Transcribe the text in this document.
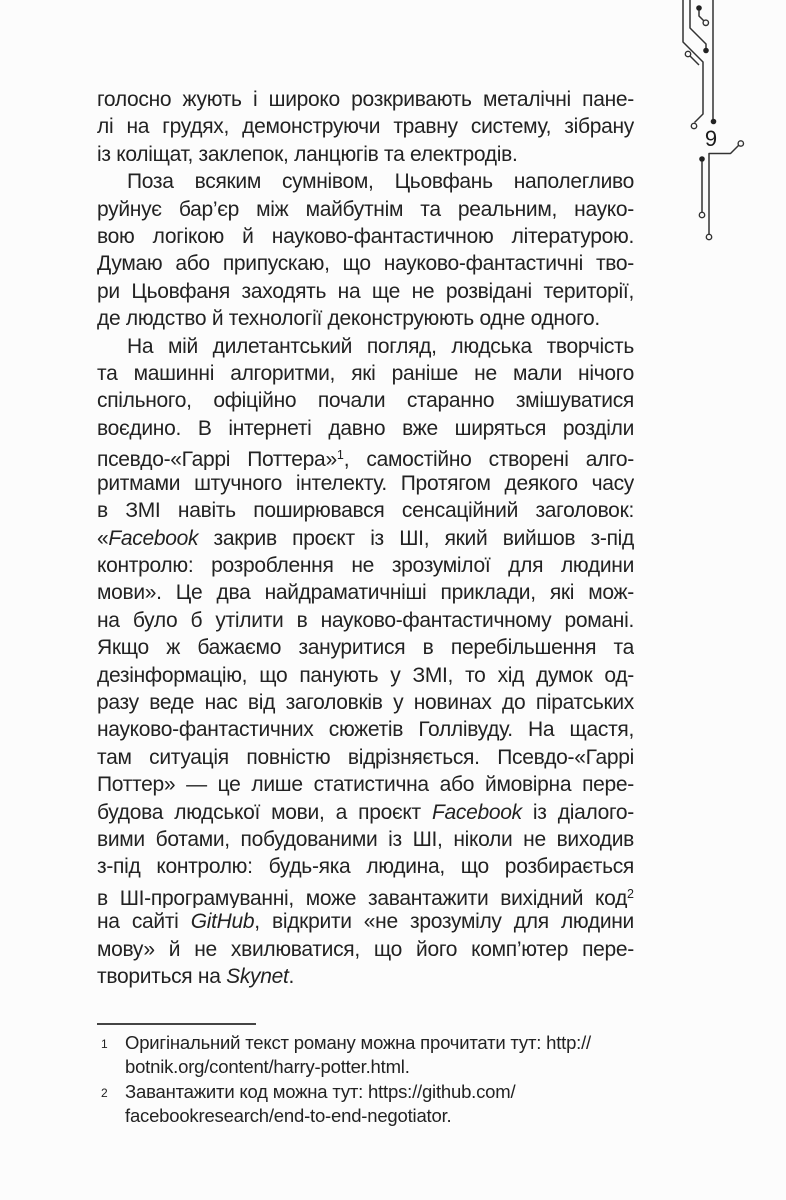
9
голосно жують і широко розкривають металічні пане-
лі на грудях, демонструючи травну систему, зібрану
із коліщат, заклепок, ланцюгів та електродів.
Поза всяким сумнівом, Цьовфань наполегливо
руйнує бар’єр між майбутнім та реальним, науко-
вою логікою й науково-фантастичною літературою.
Думаю або припускаю, що науково-фантастичні тво-
ри Цьовфаня заходять на ще не розвідані території,
де людство й технології деконструюють одне одного.
На мій дилетантський погляд, людська творчість
та машинні алгоритми, які раніше не мали нічого
спільного, офіційно почали старанно змішуватися
воєдино. В інтернеті давно вже ширяться розділи
псевдо-«Гаррі Поттера»$^1$, самостійно створені алго-
ритмами штучного інтелекту. Протягом деякого часу
в ЗМІ навіть поширювався сенсаційний заголовок:
«Facebook закрив проєкт із ШІ, який вийшов з-під
контролю: розроблення не зрозумілої для людини
мови». Це два найдраматичніші приклади, які мож-
на було б утілити в науково-фантастичному романі.
Якщо ж бажаємо зануритися в перебільшення та
дезінформацію, що панують у ЗМІ, то хід думок од-
разу веде нас від заголовків у новинах до піратських
науково-фантастичних сюжетів Голлівуду. На щастя,
там ситуація повністю відрізняється. Псевдо-«Гаррі
Поттер» — це лише статистична або ймовірна пере-
будова людської мови, а проєкт Facebook із діалого-
вими ботами, побудованими із ШІ, ніколи не виходив
з-під контролю: будь-яка людина, що розбирається
в ШІ-програмуванні, може завантажити вихідний код$^2$
на сайті GitHub, відкрити «не зрозумілу для людини
мову» й не хвилюватися, що його комп’ютер пере-
твориться на Skynet.
1 Оригінальний текст роману можна прочитати тут: http://
botnik.org/content/harry-potter.html.
2 Завантажити код можна тут: https://github.com/
facebookresearch/end-to-end-negotiator.
